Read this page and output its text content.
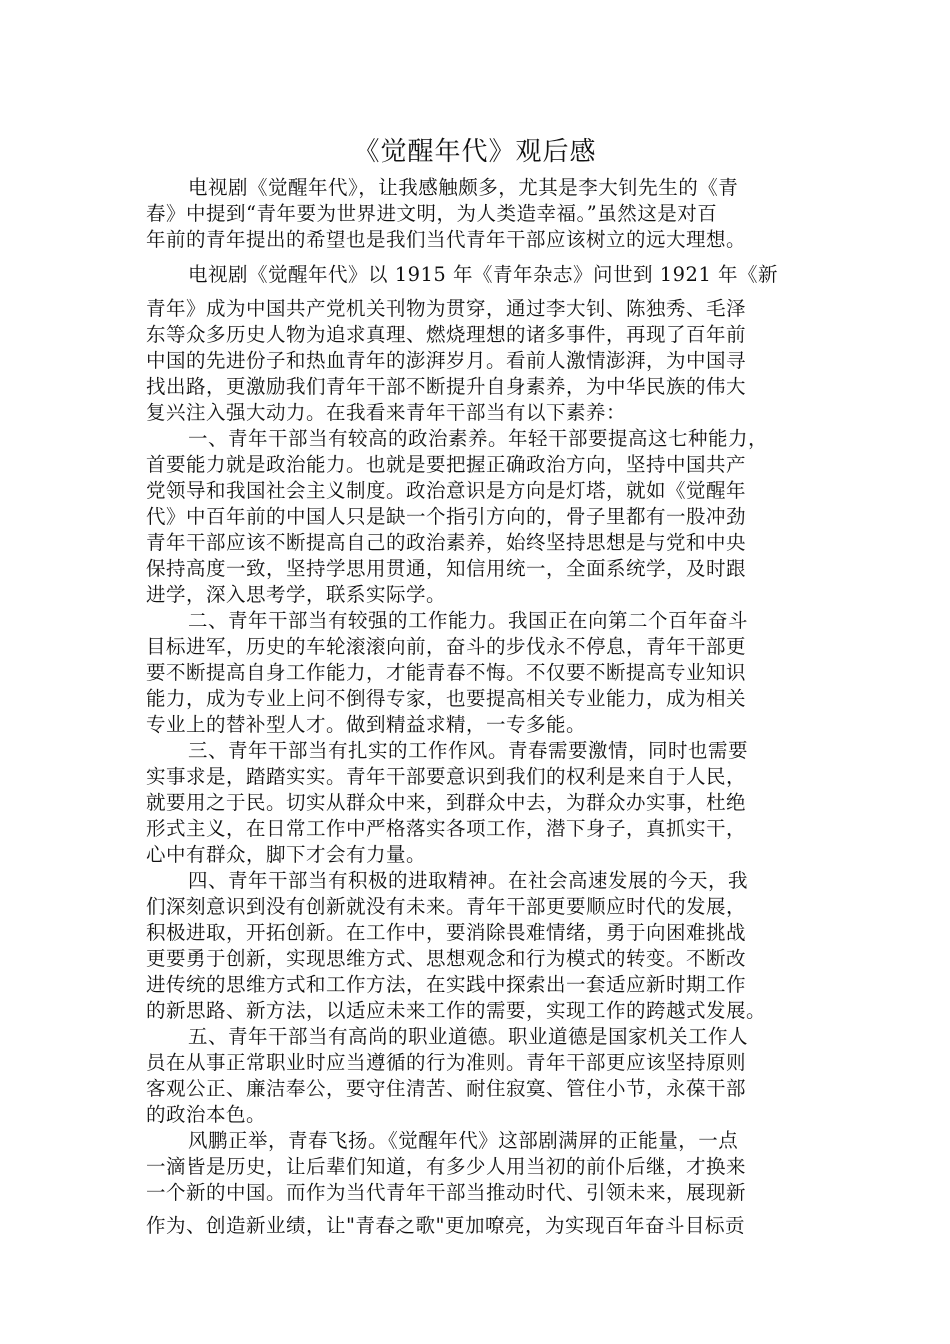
《觉醒年代》观后感
电视剧《觉醒年代》，让我感触颇多，尤其是李大钊先生的《青
春》中提到“青年要为世界进文明，为人类造幸福。”虽然这是对百
年前的青年提出的希望也是我们当代青年干部应该树立的远大理想。
电视剧《觉醒年代》以 1915 年《青年杂志》问世到 1921 年《新
青年》成为中国共产党机关刊物为贯穿，通过李大钊、陈独秀、毛泽
东等众多历史人物为追求真理、燃烧理想的诸多事件，再现了百年前
中国的先进份子和热血青年的澎湃岁月。看前人激情澎湃，为中国寻
找出路，更激励我们青年干部不断提升自身素养，为中华民族的伟大
复兴注入强大动力。在我看来青年干部当有以下素养：
一、青年干部当有较高的政治素养。年轻干部要提高这七种能力，
首要能力就是政治能力。也就是要把握正确政治方向，坚持中国共产
党领导和我国社会主义制度。政治意识是方向是灯塔，就如《觉醒年
代》中百年前的中国人只是缺一个指引方向的，骨子里都有一股冲劲
青年干部应该不断提高自己的政治素养，始终坚持思想是与党和中央
保持高度一致，坚持学思用贯通，知信用统一，全面系统学，及时跟
进学，深入思考学，联系实际学。
二、青年干部当有较强的工作能力。我国正在向第二个百年奋斗
目标进军，历史的车轮滚滚向前，奋斗的步伐永不停息，青年干部更
要不断提高自身工作能力，才能青春不悔。不仅要不断提高专业知识
能力，成为专业上问不倒得专家，也要提高相关专业能力，成为相关
专业上的替补型人才。做到精益求精，一专多能。
三、青年干部当有扎实的工作作风。青春需要激情，同时也需要
实事求是，踏踏实实。青年干部要意识到我们的权利是来自于人民，
就要用之于民。切实从群众中来，到群众中去，为群众办实事，杜绝
形式主义，在日常工作中严格落实各项工作，潜下身子，真抓实干，
心中有群众，脚下才会有力量。
四、青年干部当有积极的进取精神。在社会高速发展的今天，我
们深刻意识到没有创新就没有未来。青年干部更要顺应时代的发展，
积极进取，开拓创新。在工作中，要消除畏难情绪，勇于向困难挑战
更要勇于创新，实现思维方式、思想观念和行为模式的转变。不断改
进传统的思维方式和工作方法，在实践中探索出一套适应新时期工作
的新思路、新方法，以适应未来工作的需要，实现工作的跨越式发展。
五、青年干部当有高尚的职业道德。职业道德是国家机关工作人
员在从事正常职业时应当遵循的行为准则。青年干部更应该坚持原则
客观公正、廉洁奉公，要守住清苦、耐住寂寞、管住小节，永葆干部
的政治本色。
风鹏正举，青春飞扬。《觉醒年代》这部剧满屏的正能量，一点
一滴皆是历史，让后辈们知道，有多少人用当初的前仆后继，才换来
一个新的中国。而作为当代青年干部当推动时代、引领未来，展现新
作为、创造新业绩，让"青春之歌"更加嘹亮，为实现百年奋斗目标贡
